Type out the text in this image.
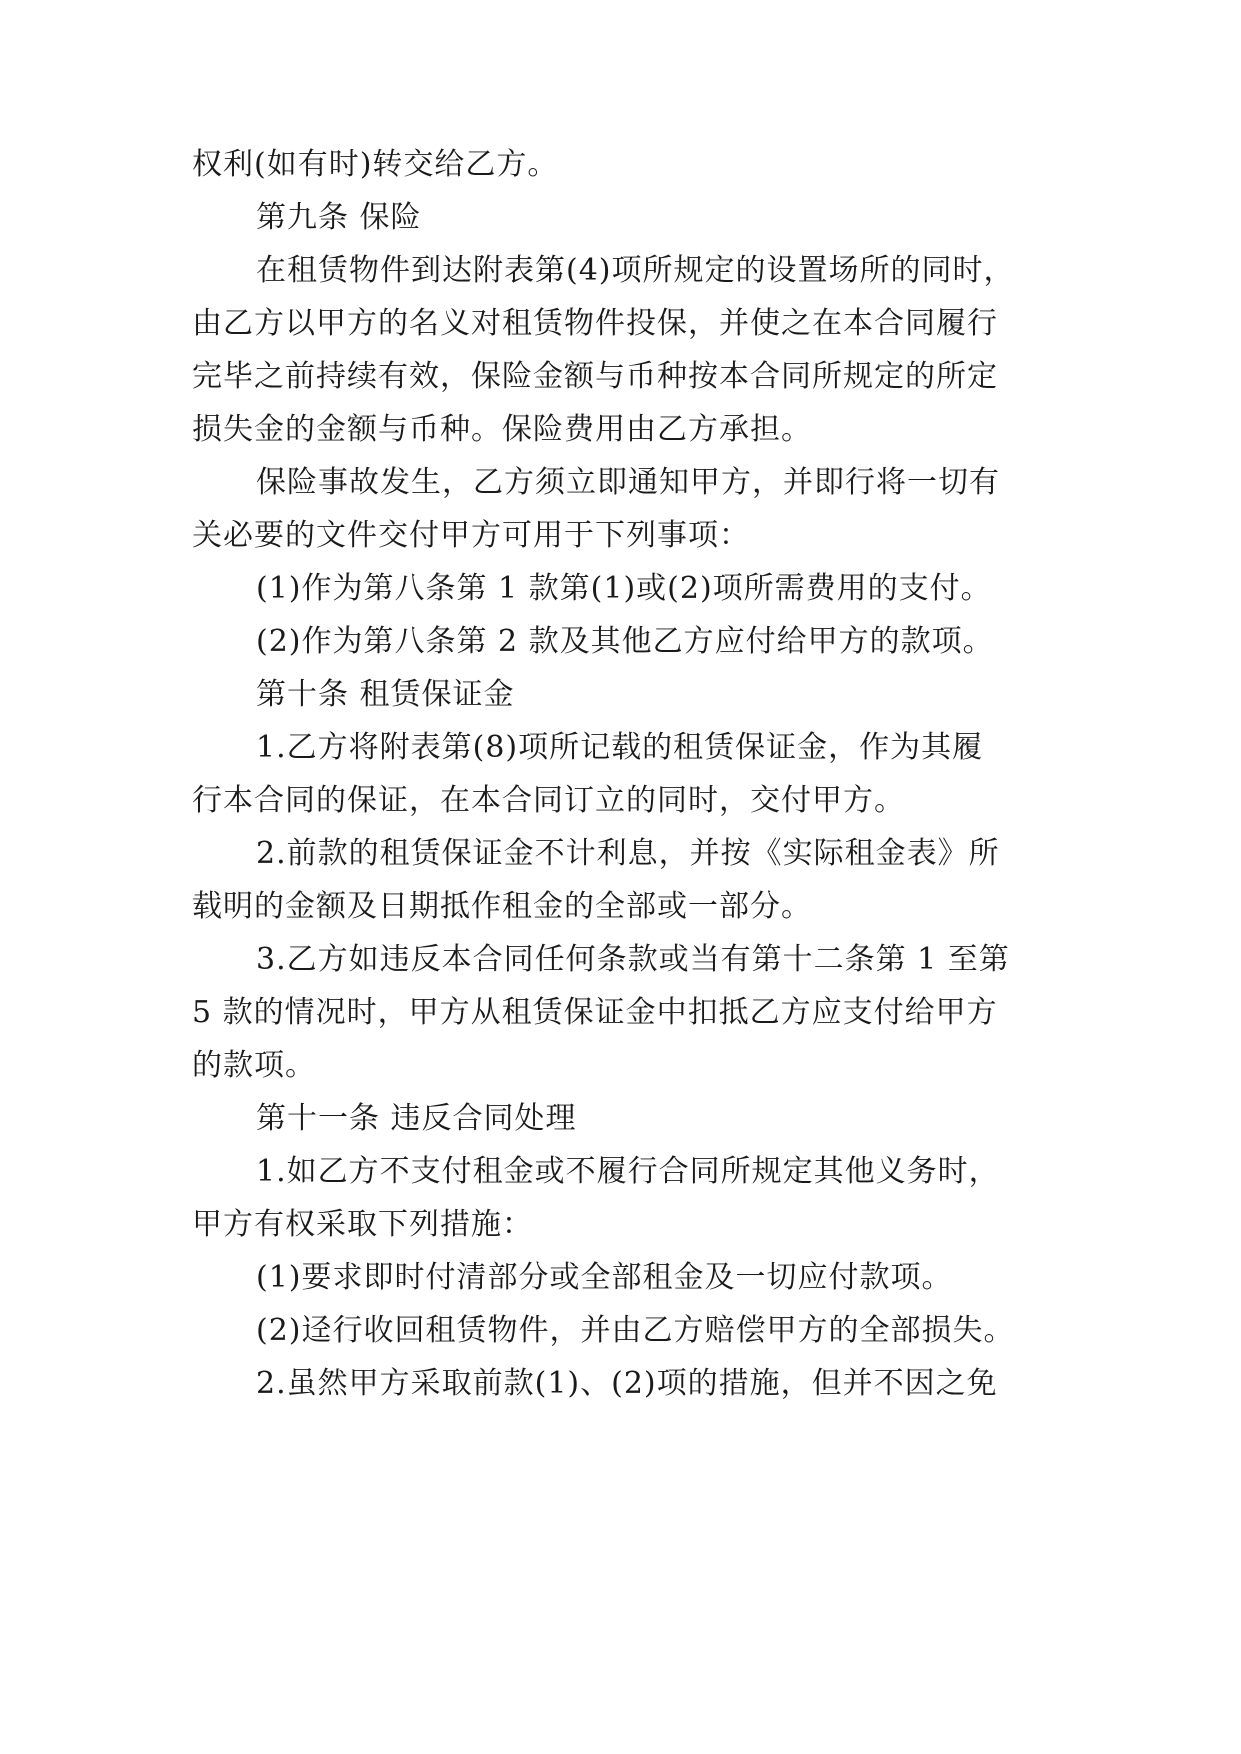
权利(如有时)转交给乙方。

第九条 保险

在租赁物件到达附表第(4)项所规定的设置场所的同时，

由乙方以甲方的名义对租赁物件投保，并使之在本合同履行

完毕之前持续有效，保险金额与币种按本合同所规定的所定

损失金的金额与币种。保险费用由乙方承担。

保险事故发生，乙方须立即通知甲方，并即行将一切有

关必要的文件交付甲方可用于下列事项：

(1)作为第八条第 1 款第(1)或(2)项所需费用的支付。

(2)作为第八条第 2 款及其他乙方应付给甲方的款项。

第十条 租赁保证金

1.乙方将附表第(8)项所记载的租赁保证金，作为其履

行本合同的保证，在本合同订立的同时，交付甲方。

2.前款的租赁保证金不计利息，并按《实际租金表》所

载明的金额及日期抵作租金的全部或一部分。

3.乙方如违反本合同任何条款或当有第十二条第 1 至第

5 款的情况时，甲方从租赁保证金中扣抵乙方应支付给甲方

的款项。

第十一条 违反合同处理

1.如乙方不支付租金或不履行合同所规定其他义务时，

甲方有权采取下列措施：

(1)要求即时付清部分或全部租金及一切应付款项。

(2)迳行收回租赁物件，并由乙方赔偿甲方的全部损失。

2.虽然甲方采取前款(1)、(2)项的措施，但并不因之免
